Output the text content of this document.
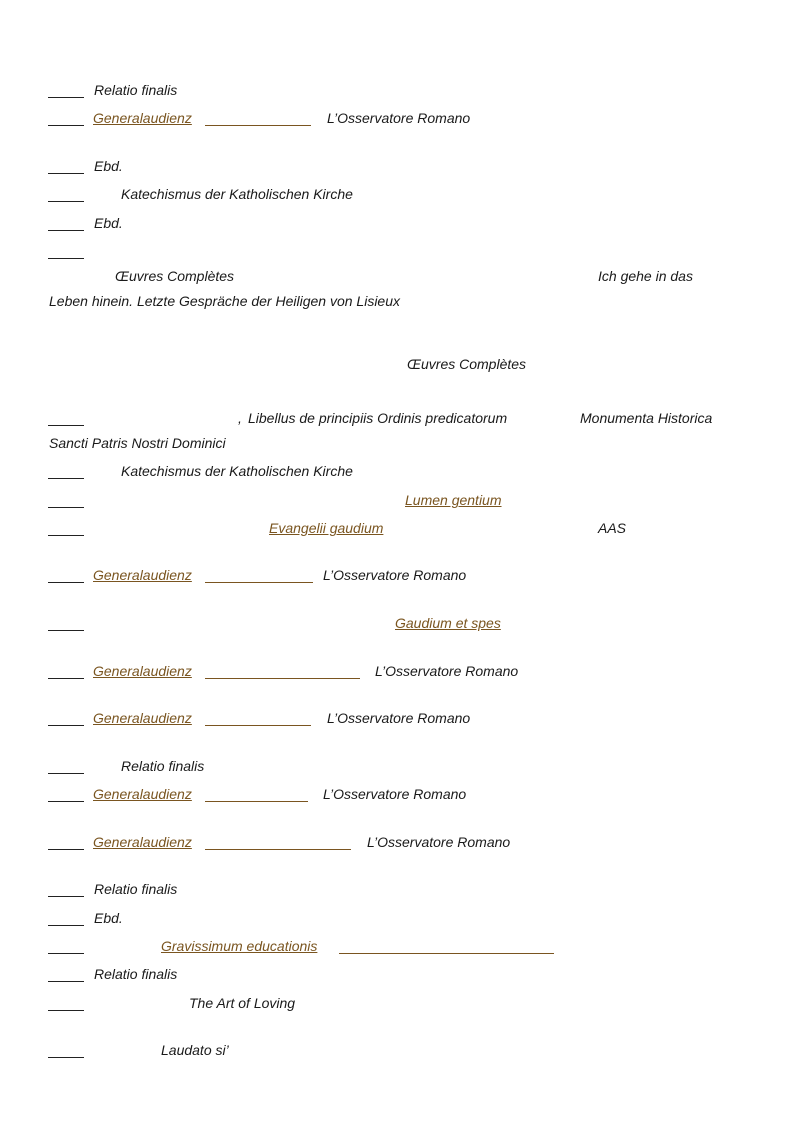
Relatio finalis
Generalaudienz	L’Osservatore Romano
Ebd.
Katechismus der Katholischen Kirche
Ebd.
Œuvres Complètes	Ich gehe in das
Leben hinein. Letzte Gespräche der Heiligen von Lisieux
Œuvres Complètes
, Libellus de principiis Ordinis predicatorum	Monumenta Historica
Sancti Patris Nostri Dominici
Katechismus der Katholischen Kirche
Lumen gentium
Evangelii gaudium	AAS
Generalaudienz	L’Osservatore Romano
Gaudium et spes
Generalaudienz	L’Osservatore Romano
Generalaudienz	L’Osservatore Romano
Relatio finalis
Generalaudienz	L’Osservatore Romano
Generalaudienz	L’Osservatore Romano
Relatio finalis
Ebd.
Gravissimum educationis
Relatio finalis
The Art of Loving
Laudato si’
